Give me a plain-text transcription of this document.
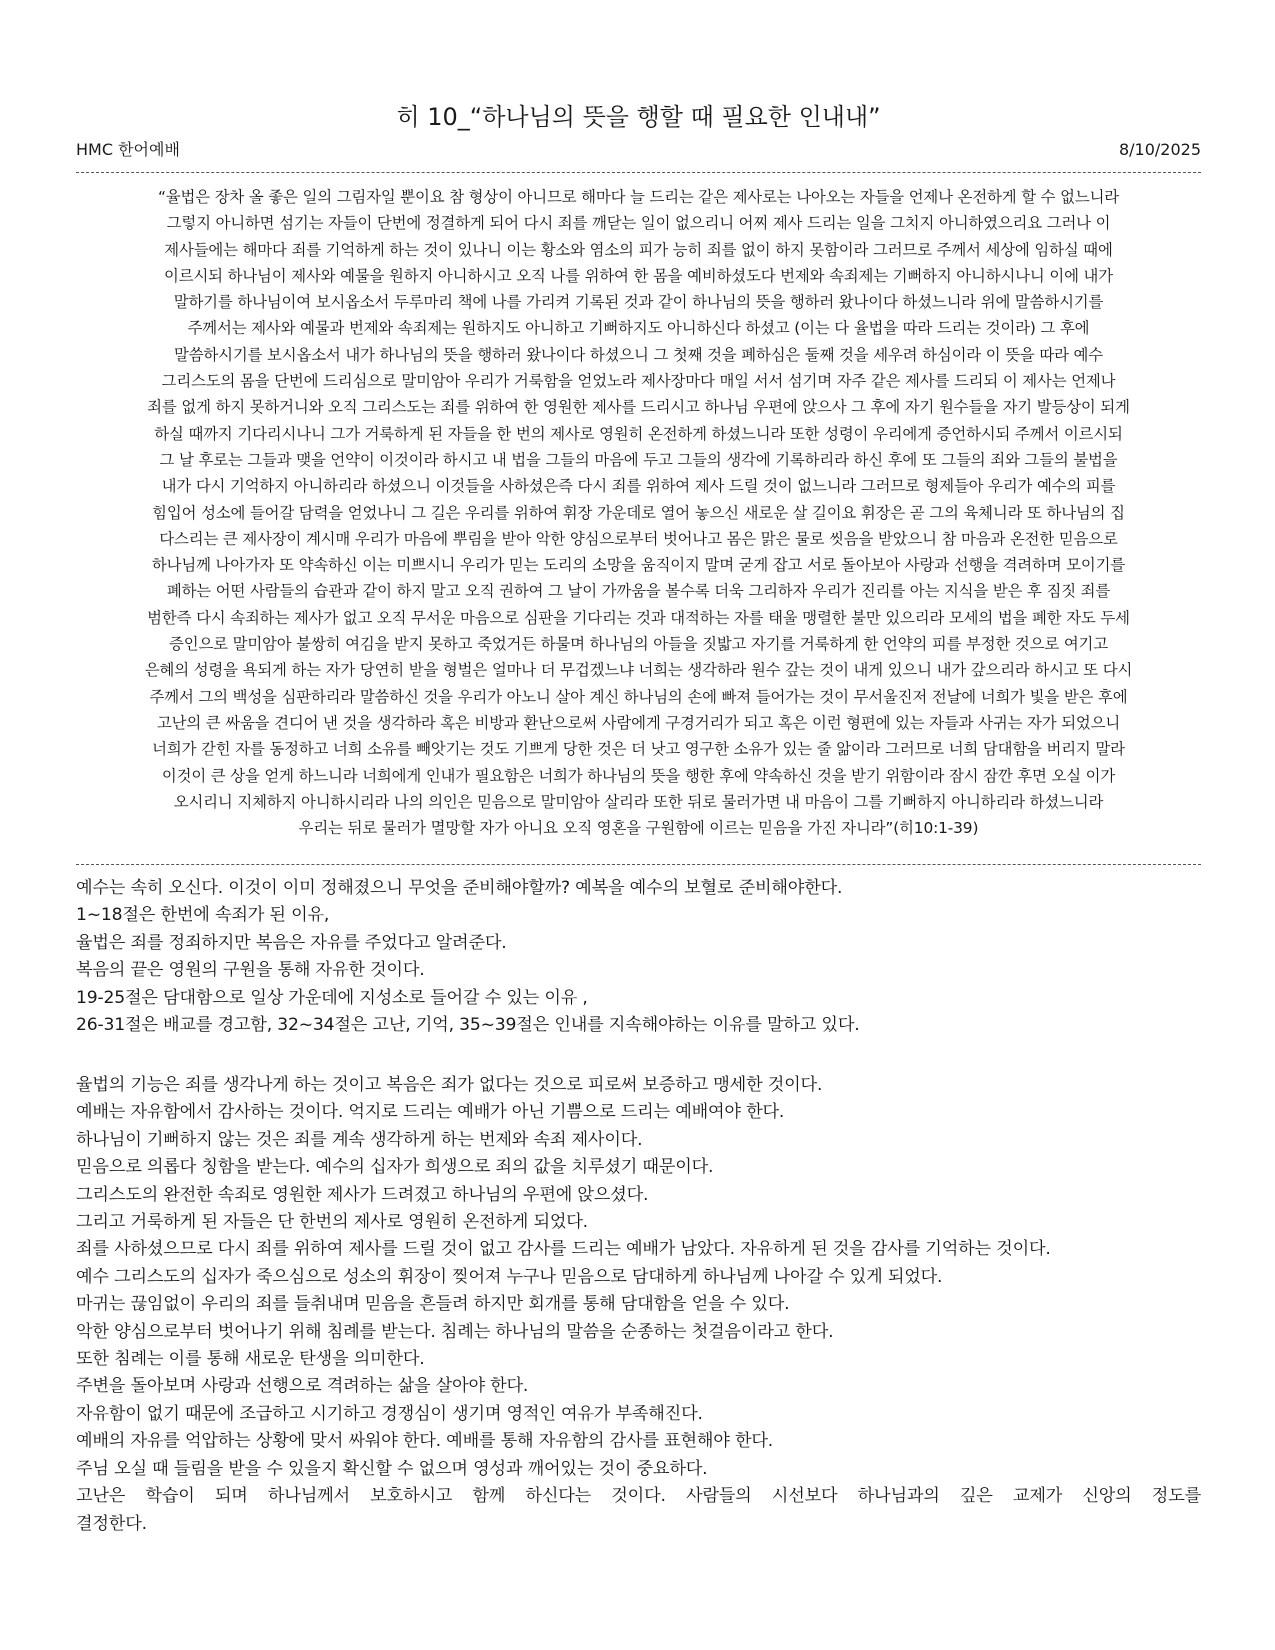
히 10_“하나님의 뜻을 행할 때 필요한 인내내”
HMC 한어예배	8/10/2025
“율법은 장차 올 좋은 일의 그림자일 뿐이요 참 형상이 아니므로 해마다 늘 드리는 같은 제사로는 나아오는 자들을 언제나 온전하게 할 수 없느니라
그렇지 아니하면 섬기는 자들이 단번에 정결하게 되어 다시 죄를 깨닫는 일이 없으리니 어찌 제사 드리는 일을 그치지 아니하였으리요 그러나 이
제사들에는 해마다 죄를 기억하게 하는 것이 있나니 이는 황소와 염소의 피가 능히 죄를 없이 하지 못함이라 그러므로 주께서 세상에 임하실 때에
이르시되 하나님이 제사와 예물을 원하지 아니하시고 오직 나를 위하여 한 몸을 예비하셨도다 번제와 속죄제는 기뻐하지 아니하시나니 이에 내가
말하기를 하나님이여 보시옵소서 두루마리 책에 나를 가리켜 기록된 것과 같이 하나님의 뜻을 행하러 왔나이다 하셨느니라 위에 말씀하시기를
주께서는 제사와 예물과 번제와 속죄제는 원하지도 아니하고 기뻐하지도 아니하신다 하셨고 (이는 다 율법을 따라 드리는 것이라) 그 후에
말씀하시기를 보시옵소서 내가 하나님의 뜻을 행하러 왔나이다 하셨으니 그 첫째 것을 폐하심은 둘째 것을 세우려 하심이라 이 뜻을 따라 예수
그리스도의 몸을 단번에 드리심으로 말미암아 우리가 거룩함을 얻었노라 제사장마다 매일 서서 섬기며 자주 같은 제사를 드리되 이 제사는 언제나
죄를 없게 하지 못하거니와 오직 그리스도는 죄를 위하여 한 영원한 제사를 드리시고 하나님 우편에 앉으사 그 후에 자기 원수들을 자기 발등상이 되게
하실 때까지 기다리시나니 그가 거룩하게 된 자들을 한 번의 제사로 영원히 온전하게 하셨느니라 또한 성령이 우리에게 증언하시되 주께서 이르시되
그 날 후로는 그들과 맺을 언약이 이것이라 하시고 내 법을 그들의 마음에 두고 그들의 생각에 기록하리라 하신 후에 또 그들의 죄와 그들의 불법을
내가 다시 기억하지 아니하리라 하셨으니 이것들을 사하셨은즉 다시 죄를 위하여 제사 드릴 것이 없느니라 그러므로 형제들아 우리가 예수의 피를
힘입어 성소에 들어갈 담력을 얻었나니 그 길은 우리를 위하여 휘장 가운데로 열어 놓으신 새로운 살 길이요 휘장은 곧 그의 육체니라 또 하나님의 집
다스리는 큰 제사장이 계시매 우리가 마음에 뿌림을 받아 악한 양심으로부터 벗어나고 몸은 맑은 물로 씻음을 받았으니 참 마음과 온전한 믿음으로
하나님께 나아가자 또 약속하신 이는 미쁘시니 우리가 믿는 도리의 소망을 움직이지 말며 굳게 잡고 서로 돌아보아 사랑과 선행을 격려하며 모이기를
폐하는 어떤 사람들의 습관과 같이 하지 말고 오직 권하여 그 날이 가까움을 볼수록 더욱 그리하자 우리가 진리를 아는 지식을 받은 후 짐짓 죄를
범한즉 다시 속죄하는 제사가 없고 오직 무서운 마음으로 심판을 기다리는 것과 대적하는 자를 태울 맹렬한 불만 있으리라 모세의 법을 폐한 자도 두세
증인으로 말미암아 불쌍히 여김을 받지 못하고 죽었거든 하물며 하나님의 아들을 짓밟고 자기를 거룩하게 한 언약의 피를 부정한 것으로 여기고
은혜의 성령을 욕되게 하는 자가 당연히 받을 형벌은 얼마나 더 무겁겠느냐 너희는 생각하라 원수 갚는 것이 내게 있으니 내가 갚으리라 하시고 또 다시
주께서 그의 백성을 심판하리라 말씀하신 것을 우리가 아노니 살아 계신 하나님의 손에 빠져 들어가는 것이 무서울진저 전날에 너희가 빛을 받은 후에
고난의 큰 싸움을 견디어 낸 것을 생각하라 혹은 비방과 환난으로써 사람에게 구경거리가 되고 혹은 이런 형편에 있는 자들과 사귀는 자가 되었으니
너희가 갇힌 자를 동정하고 너희 소유를 빼앗기는 것도 기쁘게 당한 것은 더 낫고 영구한 소유가 있는 줄 앎이라 그러므로 너희 담대함을 버리지 말라
이것이 큰 상을 얻게 하느니라 너희에게 인내가 필요함은 너희가 하나님의 뜻을 행한 후에 약속하신 것을 받기 위함이라 잠시 잠깐 후면 오실 이가
오시리니 지체하지 아니하시리라 나의 의인은 믿음으로 말미암아 살리라 또한 뒤로 물러가면 내 마음이 그를 기뻐하지 아니하리라 하셨느니라
우리는 뒤로 물러가 멸망할 자가 아니요 오직 영혼을 구원함에 이르는 믿음을 가진 자니라”(히10:1-39)
예수는 속히 오신다. 이것이 이미 정해졌으니 무엇을 준비해야할까? 예복을 예수의 보혈로 준비해야한다.
1~18절은 한번에 속죄가 된 이유,
율법은 죄를 정죄하지만 복음은 자유를 주었다고 알려준다.
복음의 끝은 영원의 구원을 통해 자유한 것이다.
19-25절은 담대함으로 일상 가운데에 지성소로 들어갈 수 있는 이유 ,
26-31절은 배교를 경고함, 32~34절은 고난, 기억, 35~39절은 인내를 지속해야하는 이유를 말하고 있다.
율법의 기능은 죄를 생각나게 하는 것이고 복음은 죄가 없다는 것으로 피로써 보증하고 맹세한 것이다.
예배는 자유함에서 감사하는 것이다. 억지로 드리는 예배가 아닌 기쁨으로 드리는 예배여야 한다.
하나님이 기뻐하지 않는 것은 죄를 계속 생각하게 하는 번제와 속죄 제사이다.
믿음으로 의롭다 칭함을 받는다. 예수의 십자가 희생으로 죄의 값을 치루셨기 때문이다.
그리스도의 완전한 속죄로 영원한 제사가 드려졌고 하나님의 우편에 앉으셨다.
그리고 거룩하게 된 자들은 단 한번의 제사로 영원히 온전하게 되었다.
죄를 사하셨으므로 다시 죄를 위하여 제사를 드릴 것이 없고 감사를 드리는 예배가 남았다. 자유하게 된 것을 감사를 기억하는 것이다.
예수 그리스도의 십자가 죽으심으로 성소의 휘장이 찢어져 누구나 믿음으로 담대하게 하나님께 나아갈 수 있게 되었다.
마귀는 끊임없이 우리의 죄를 들취내며 믿음을 흔들려 하지만 회개를 통해 담대함을 얻을 수 있다.
악한 양심으로부터 벗어나기 위해 침례를 받는다. 침례는 하나님의 말씀을 순종하는 첫걸음이라고 한다.
또한 침례는 이를 통해 새로운 탄생을 의미한다.
주변을 돌아보며 사랑과 선행으로 격려하는 삶을 살아야 한다.
자유함이 없기 때문에 조급하고 시기하고 경쟁심이 생기며 영적인 여유가 부족해진다.
예배의 자유를 억압하는 상황에 맞서 싸워야 한다. 예배를 통해 자유함의 감사를 표현해야 한다.
주님 오실 때 들림을 받을 수 있을지 확신할 수 없으며 영성과 깨어있는 것이 중요하다.
고난은 학습이 되며 하나님께서 보호하시고 함께 하신다는 것이다. 사람들의 시선보다 하나님과의 깊은 교제가 신앙의 정도를
결정한다.
